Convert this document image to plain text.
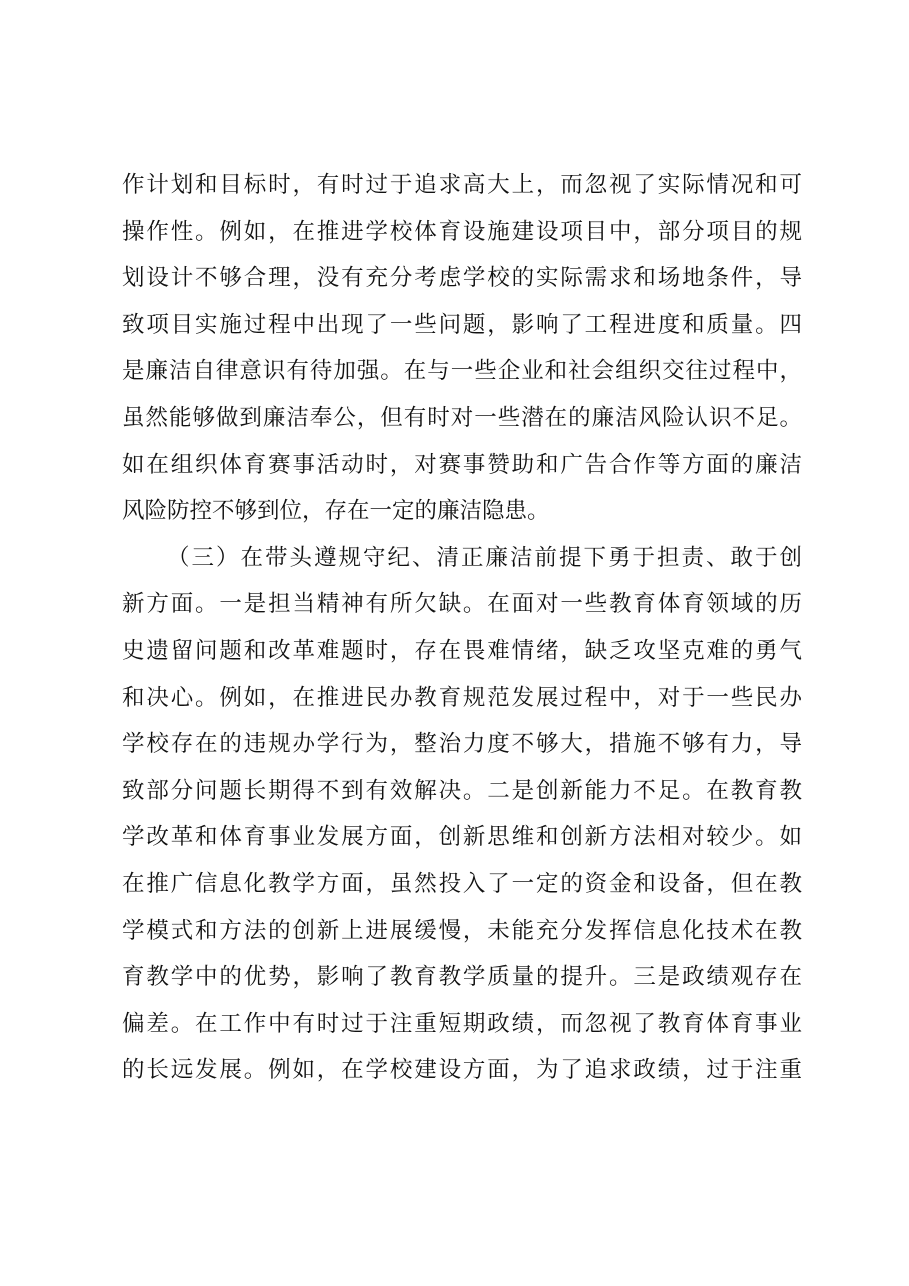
作计划和目标时，有时过于追求高大上，而忽视了实际情况和可
操作性。例如，在推进学校体育设施建设项目中，部分项目的规
划设计不够合理，没有充分考虑学校的实际需求和场地条件，导
致项目实施过程中出现了一些问题，影响了工程进度和质量。四
是廉洁自律意识有待加强。在与一些企业和社会组织交往过程中，
虽然能够做到廉洁奉公，但有时对一些潜在的廉洁风险认识不足。
如在组织体育赛事活动时，对赛事赞助和广告合作等方面的廉洁
风险防控不够到位，存在一定的廉洁隐患。
（三）在带头遵规守纪、清正廉洁前提下勇于担责、敢于创
新方面。一是担当精神有所欠缺。在面对一些教育体育领域的历
史遗留问题和改革难题时，存在畏难情绪，缺乏攻坚克难的勇气
和决心。例如，在推进民办教育规范发展过程中，对于一些民办
学校存在的违规办学行为，整治力度不够大，措施不够有力，导
致部分问题长期得不到有效解决。二是创新能力不足。在教育教
学改革和体育事业发展方面，创新思维和创新方法相对较少。如
在推广信息化教学方面，虽然投入了一定的资金和设备，但在教
学模式和方法的创新上进展缓慢，未能充分发挥信息化技术在教
育教学中的优势，影响了教育教学质量的提升。三是政绩观存在
偏差。在工作中有时过于注重短期政绩，而忽视了教育体育事业
的长远发展。例如，在学校建设方面，为了追求政绩，过于注重
